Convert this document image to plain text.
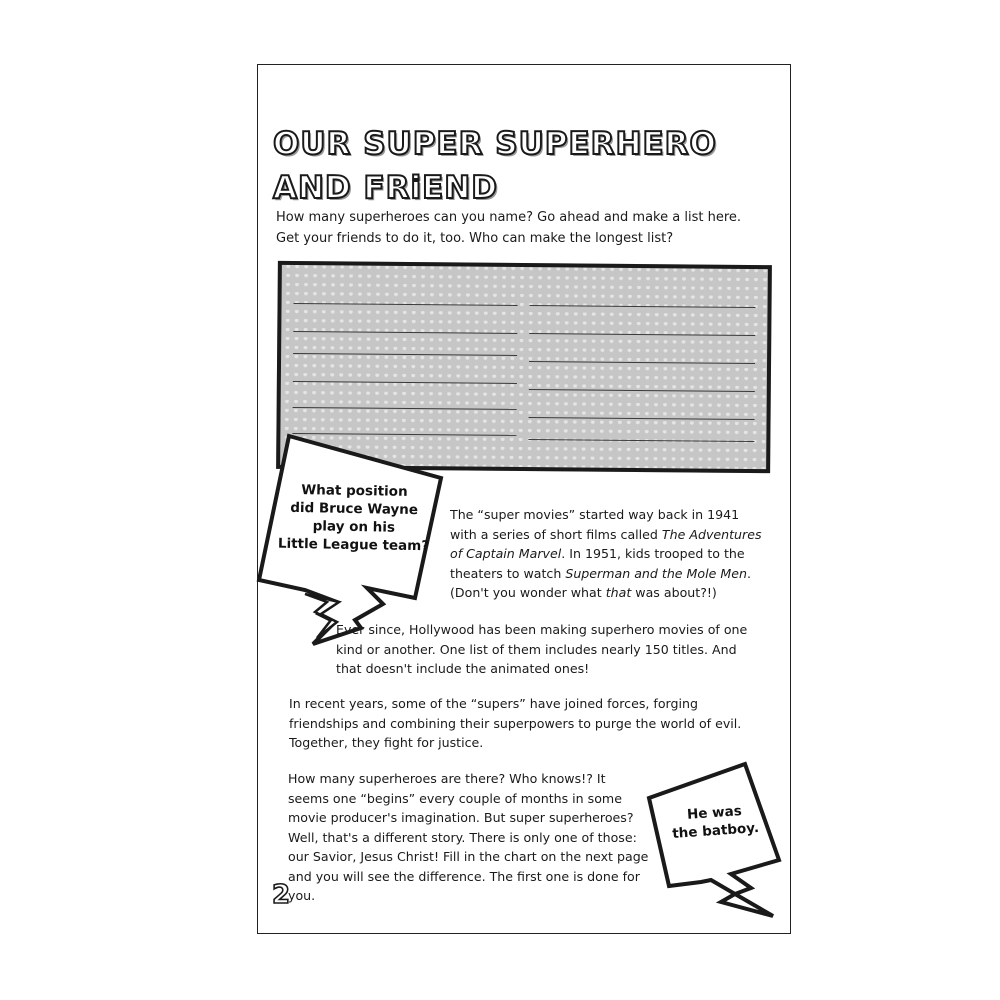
OUR SUPER SUPERHERO
AND FRiEND

How many superheroes can you name? Go ahead and make a list here. Get your friends to do it, too. Who can make the longest list?

What position
did Bruce Wayne
play on his
Little League team?

The “super movies” started way back in 1941 with a series of short films called The Adventures of Captain Marvel. In 1951, kids trooped to the theaters to watch Superman and the Mole Men. (Don't you wonder what that was about?!)

Ever since, Hollywood has been making superhero movies of one kind or another. One list of them includes nearly 150 titles. And that doesn't include the animated ones!

In recent years, some of the “supers” have joined forces, forging friendships and combining their superpowers to purge the world of evil. Together, they fight for justice.

How many superheroes are there? Who knows!? It seems one “begins” every couple of months in some movie producer's imagination. But super superheroes? Well, that's a different story. There is only one of those: our Savior, Jesus Christ! Fill in the chart on the next page and you will see the difference. The first one is done for you.

He was
the batboy.

2
